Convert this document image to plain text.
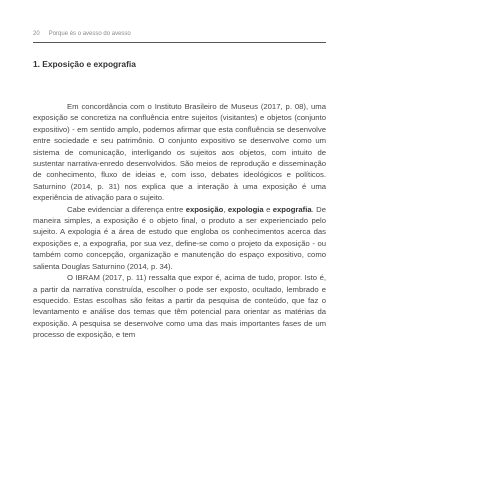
20 Porque és o avesso do avesso
1. Exposição e expografia

Em concordância com o Instituto Brasileiro de Museus (2017, p. 08), uma exposição se concretiza na confluência entre sujeitos (visitantes) e objetos (conjunto expositivo) - em sentido amplo, podemos afirmar que esta confluência se desenvolve entre sociedade e seu patrimônio. O conjunto expositivo se desenvolve como um sistema de comunicação, interligando os sujeitos aos objetos, com intuito de sustentar narrativa-enredo desenvolvidos. São meios de reprodução e disseminação de conhecimento, fluxo de ideias e, com isso, debates ideológicos e políticos. Saturnino (2014, p. 31) nos explica que a interação à uma exposição é uma experiência de ativação para o sujeito.

Cabe evidenciar a diferença entre exposição, expologia e expografia. De maneira simples, a exposição é o objeto final, o produto a ser experienciado pelo sujeito. A expologia é a área de estudo que engloba os conhecimentos acerca das exposições e, a expografia, por sua vez, define-se como o projeto da exposição - ou também como concepção, organização e manutenção do espaço expositivo, como salienta Douglas Saturnino (2014, p. 34).

O IBRAM (2017, p. 11) ressalta que expor é, acima de tudo, propor. Isto é, a partir da narrativa construída, escolher o pode ser exposto, ocultado, lembrado e esquecido. Estas escolhas são feitas a partir da pesquisa de conteúdo, que faz o levantamento e análise dos temas que têm potencial para orientar as matérias da exposição. A pesquisa se desenvolve como uma das mais importantes fases de um processo de exposição, e tem
